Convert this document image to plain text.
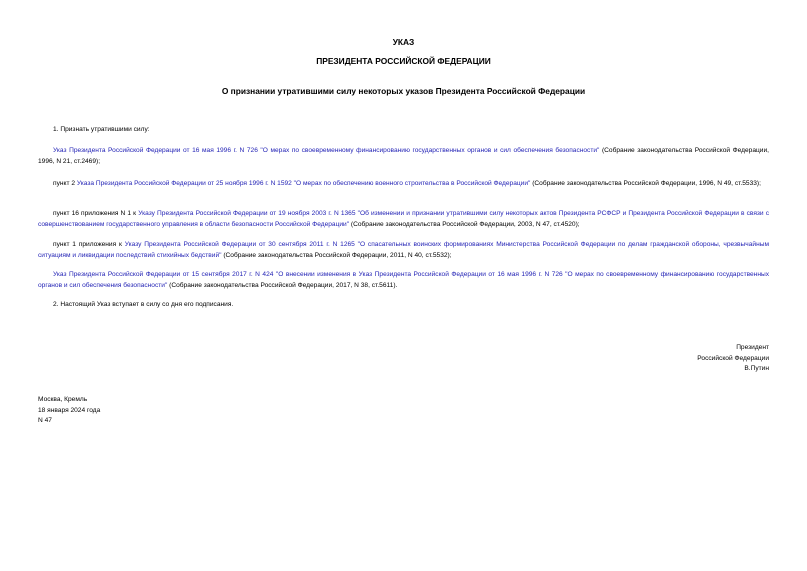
УКАЗ
ПРЕЗИДЕНТА РОССИЙСКОЙ ФЕДЕРАЦИИ
О признании утратившими силу некоторых указов Президента Российской Федерации

1. Признать утратившими силу:

Указ Президента Российской Федерации от 16 мая 1996 г. N 726 "О мерах по своевременному финансированию государственных органов и сил обеспечения безопасности" (Собрание законодательства Российской Федерации, 1996, N 21, ст.2469);

пункт 2 Указа Президента Российской Федерации от 25 ноября 1996 г. N 1592 "О мерах по обеспечению военного строительства в Российской Федерации" (Собрание законодательства Российской Федерации, 1996, N 49, ст.5533);

пункт 16 приложения N 1 к Указу Президента Российской Федерации от 19 ноября 2003 г. N 1365 "Об изменении и признании утратившими силу некоторых актов Президента РСФСР и Президента Российской Федерации в связи с совершенствованием государственного управления в области безопасности Российской Федерации" (Собрание законодательства Российской Федерации, 2003, N 47, ст.4520);

пункт 1 приложения к Указу Президента Российской Федерации от 30 сентября 2011 г. N 1265 "О спасательных воинских формированиях Министерства Российской Федерации по делам гражданской обороны, чрезвычайным ситуациям и ликвидации последствий стихийных бедствий" (Собрание законодательства Российской Федерации, 2011, N 40, ст.5532);

Указ Президента Российской Федерации от 15 сентября 2017 г. N 424 "О внесении изменения в Указ Президента Российской Федерации от 16 мая 1996 г. N 726 "О мерах по своевременному финансированию государственных органов и сил обеспечения безопасности" (Собрание законодательства Российской Федерации, 2017, N 38, ст.5611).

2. Настоящий Указ вступает в силу со дня его подписания.

Президент
Российской Федерации
В.Путин
Москва, Кремль
18 января 2024 года
N 47
